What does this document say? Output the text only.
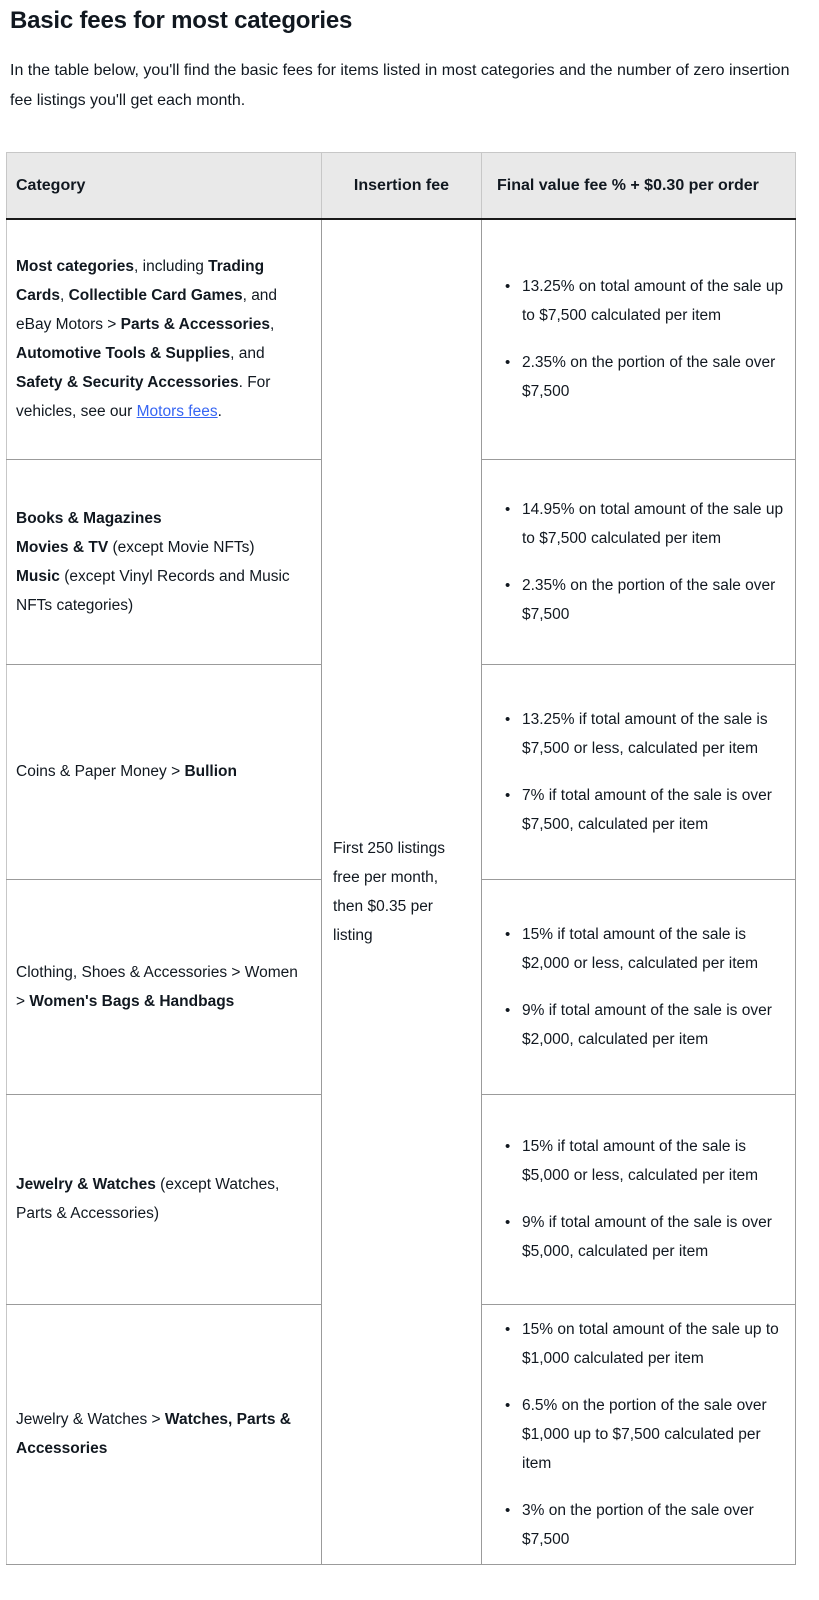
Basic fees for most categories

In the table below, you'll find the basic fees for items listed in most categories and the number of zero insertion fee listings you'll get each month.

Category	Insertion fee	Final value fee % + $0.30 per order
Most categories, including Trading Cards, Collectible Card Games, and eBay Motors > Parts & Accessories, Automotive Tools & Supplies, and Safety & Security Accessories. For vehicles, see our Motors fees.	First 250 listings free per month, then $0.35 per listing	
• 13.25% on total amount of the sale up to $7,500 calculated per item
• 2.35% on the portion of the sale over $7,500

Books & Magazines
Movies & TV (except Movie NFTs)
Music (except Vinyl Records and Music NFTs categories)	
• 14.95% on total amount of the sale up to $7,500 calculated per item
• 2.35% on the portion of the sale over $7,500

Coins & Paper Money > Bullion	
• 13.25% if total amount of the sale is $7,500 or less, calculated per item
• 7% if total amount of the sale is over $7,500, calculated per item

Clothing, Shoes & Accessories > Women > Women's Bags & Handbags	
• 15% if total amount of the sale is $2,000 or less, calculated per item
• 9% if total amount of the sale is over $2,000, calculated per item

Jewelry & Watches (except Watches, Parts & Accessories)	
• 15% if total amount of the sale is $5,000 or less, calculated per item
• 9% if total amount of the sale is over $5,000, calculated per item

Jewelry & Watches > Watches, Parts & Accessories	
• 15% on total amount of the sale up to $1,000 calculated per item
• 6.5% on the portion of the sale over $1,000 up to $7,500 calculated per item
• 3% on the portion of the sale over $7,500
